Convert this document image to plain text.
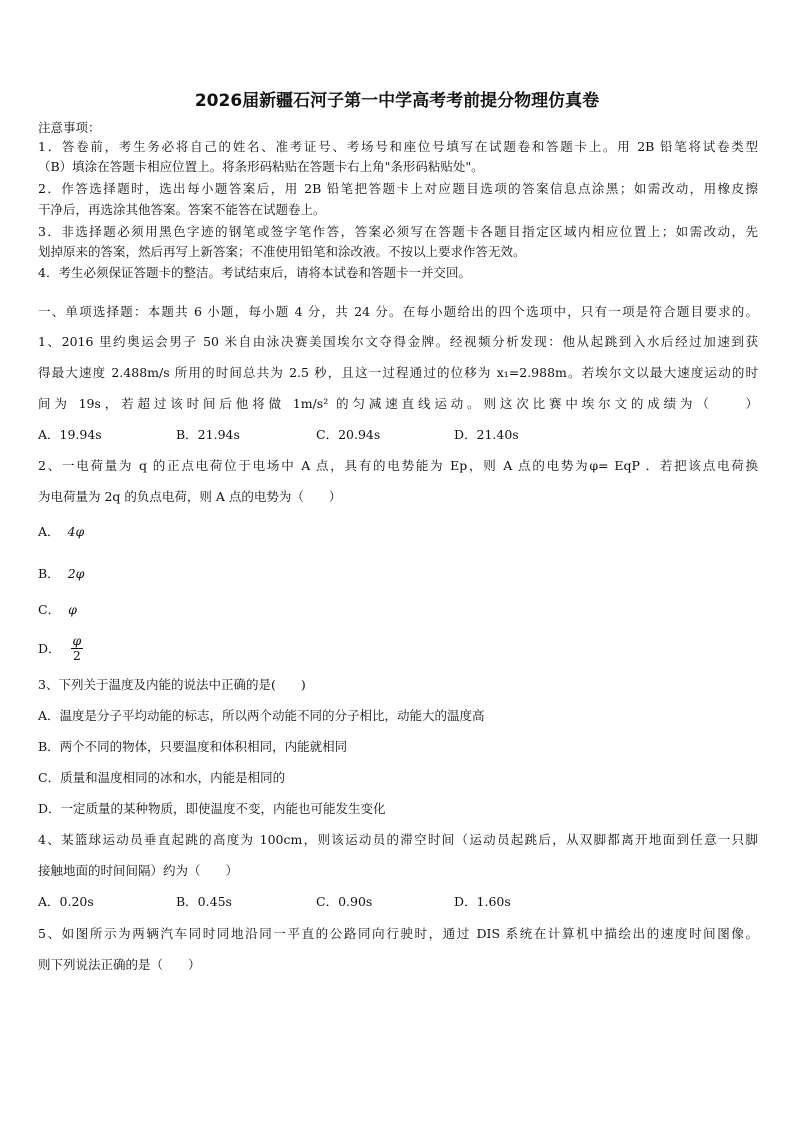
2026届新疆石河子第一中学高考考前提分物理仿真卷
注意事项：
1．答卷前，考生务必将自己的姓名、准考证号、考场号和座位号填写在试题卷和答题卡上。用 2B 铅笔将试卷类型
（B）填涂在答题卡相应位置上。将条形码粘贴在答题卡右上角"条形码粘贴处"。
2．作答选择题时，选出每小题答案后，用 2B 铅笔把答题卡上对应题目选项的答案信息点涂黑；如需改动，用橡皮擦
干净后，再选涂其他答案。答案不能答在试题卷上。
3．非选择题必须用黑色字迹的钢笔或签字笔作答，答案必须写在答题卡各题目指定区域内相应位置上；如需改动，先
划掉原来的答案，然后再写上新答案；不准使用铅笔和涂改液。不按以上要求作答无效。
4．考生必须保证答题卡的整洁。考试结束后，请将本试卷和答题卡一并交回。
一、单项选择题：本题共 6 小题，每小题 4 分，共 24 分。在每小题给出的四个选项中，只有一项是符合题目要求的。
1、2016 里约奥运会男子 50 米自由泳决赛美国埃尔文夺得金牌。经视频分析发现：他从起跳到入水后经过加速到获
得最大速度 2.488m/s 所用的时间总共为 2.5 秒，且这一过程通过的位移为 x₁=2.988m。若埃尔文以最大速度运动的时
间为 19s，若超过该时间后他将做 1m/s² 的匀减速直线运动。则这次比赛中埃尔文的成绩为（　　）
A．19.94s	B．21.94s	C．20.94s	D．21.40s
2、一电荷量为 q 的正点电荷位于电场中 A 点，具有的电势能为 Ep，则 A 点的电势为φ= EqP ．若把该点电荷换
为电荷量为 2q 的负点电荷，则 A 点的电势为（　　）
A． 4φ
B． 2φ
C． φ
D． $\frac{\varphi}{2}$
3、下列关于温度及内能的说法中正确的是(　　)
A．温度是分子平均动能的标志，所以两个动能不同的分子相比，动能大的温度高
B．两个不同的物体，只要温度和体积相同，内能就相同
C．质量和温度相同的冰和水，内能是相同的
D．一定质量的某种物质，即使温度不变，内能也可能发生变化
4、某篮球运动员垂直起跳的高度为 100cm，则该运动员的滞空时间（运动员起跳后，从双脚都离开地面到任意一只脚
接触地面的时间间隔）约为（　　）
A．0.20s	B．0.45s	C．0.90s	D．1.60s
5、如图所示为两辆汽车同时同地沿同一平直的公路同向行驶时，通过 DIS 系统在计算机中描绘出的速度时间图像。
则下列说法正确的是（　　）
